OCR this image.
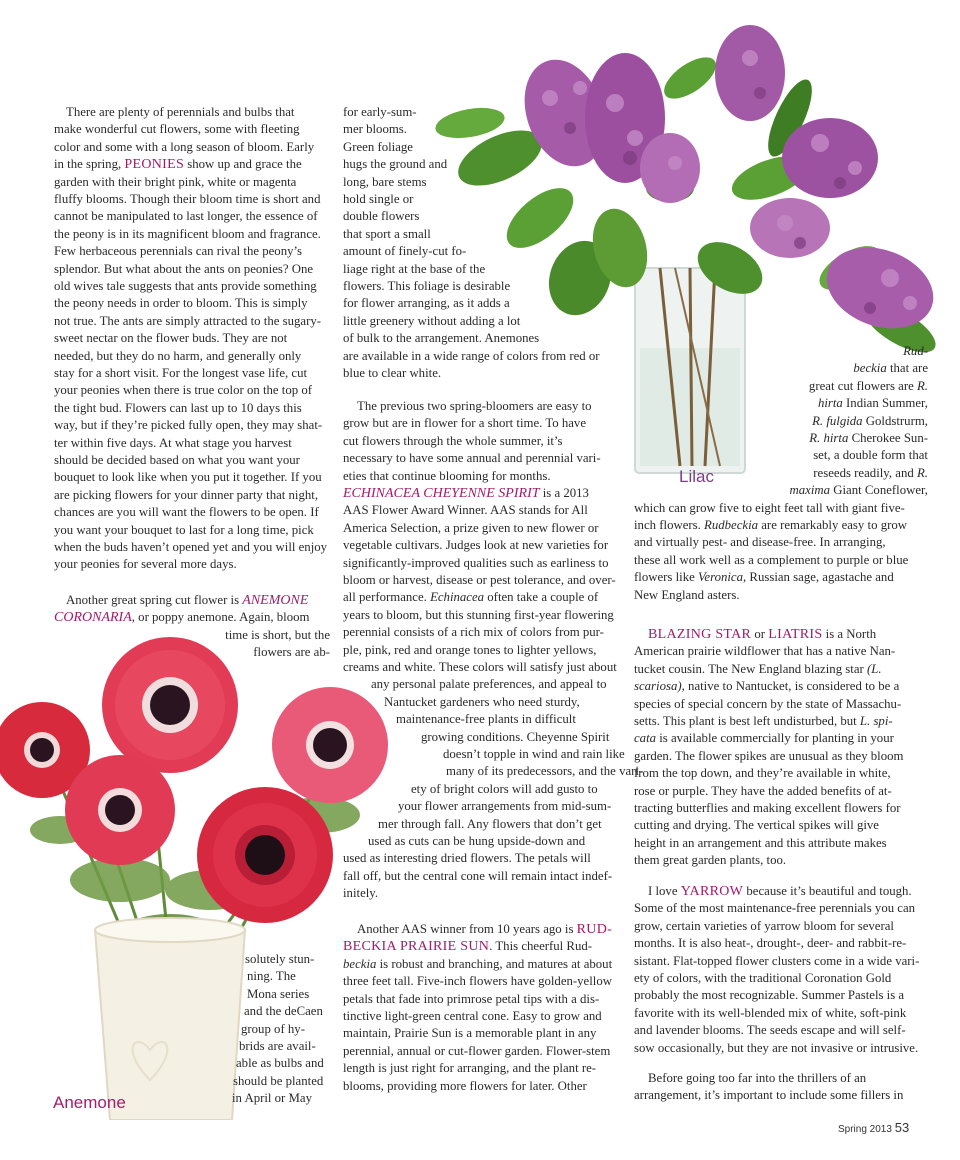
Lilac
Anemone
There are plenty of perennials and bulbs that
make wonderful cut flowers, some with fleeting
color and some with a long season of bloom. Early
in the spring, PEONIES show up and grace the
garden with their bright pink, white or magenta
fluffy blooms. Though their bloom time is short and
cannot be manipulated to last longer, the essence of
the peony is in its magnificent bloom and fragrance.
Few herbaceous perennials can rival the peony’s
splendor. But what about the ants on peonies? One
old wives tale suggests that ants provide something
the peony needs in order to bloom. This is simply
not true. The ants are simply attracted to the sugary-
sweet nectar on the flower buds. They are not
needed, but they do no harm, and generally only
stay for a short visit. For the longest vase life, cut
your peonies when there is true color on the top of
the tight bud. Flowers can last up to 10 days this
way, but if they’re picked fully open, they may shat-
ter within five days. At what stage you harvest
should be decided based on what you want your
bouquet to look like when you put it together. If you
are picking flowers for your dinner party that night,
chances are you will want the flowers to be open. If
you want your bouquet to last for a long time, pick
when the buds haven’t opened yet and you will enjoy
your peonies for several more days.
Another great spring cut flower is ANEMONE
CORONARIA, or poppy anemone. Again, bloom
time is short, but the
flowers are ab-
solutely stun-
ning. The
Mona series
and the deCaen
group of hy-
brids are avail-
able as bulbs and
should be planted
in April or May
for early-sum-
mer blooms.
Green foliage
hugs the ground and
long, bare stems
hold single or
double flowers
that sport a small
amount of finely-cut fo-
liage right at the base of the
flowers. This foliage is desirable
for flower arranging, as it adds a
little greenery without adding a lot
of bulk to the arrangement. Anemones
are available in a wide range of colors from red or
blue to clear white.
The previous two spring-bloomers are easy to
grow but are in flower for a short time. To have
cut flowers through the whole summer, it’s
necessary to have some annual and perennial vari-
eties that continue blooming for months.
ECHINACEA CHEYENNE SPIRIT is a 2013
AAS Flower Award Winner. AAS stands for All
America Selection, a prize given to new flower or
vegetable cultivars. Judges look at new varieties for
significantly-improved qualities such as earliness to
bloom or harvest, disease or pest tolerance, and over-
all performance. Echinacea often take a couple of
years to bloom, but this stunning first-year flowering
perennial consists of a rich mix of colors from pur-
ple, pink, red and orange tones to lighter yellows,
creams and white. These colors will satisfy just about
any personal palate preferences, and appeal to
Nantucket gardeners who need sturdy,
maintenance-free plants in difficult
growing conditions. Cheyenne Spirit
doesn’t topple in wind and rain like
many of its predecessors, and the vari-
ety of bright colors will add gusto to
your flower arrangements from mid-sum-
mer through fall. Any flowers that don’t get
used as cuts can be hung upside-down and
used as interesting dried flowers. The petals will
fall off, but the central cone will remain intact indef-
initely.
Another AAS winner from 10 years ago is RUD-
BECKIA PRAIRIE SUN. This cheerful Rud-
beckia is robust and branching, and matures at about
three feet tall. Five-inch flowers have golden-yellow
petals that fade into primrose petal tips with a dis-
tinctive light-green central cone. Easy to grow and
maintain, Prairie Sun is a memorable plant in any
perennial, annual or cut-flower garden. Flower-stem
length is just right for arranging, and the plant re-
blooms, providing more flowers for later. Other
Rud-
beckia that are
great cut flowers are R.
hirta Indian Summer,
R. fulgida Goldstrurm,
R. hirta Cherokee Sun-
set, a double form that
reseeds readily, and R.
maxima Giant Coneflower,
which can grow five to eight feet tall with giant five-
inch flowers. Rudbeckia are remarkably easy to grow
and virtually pest- and disease-free. In arranging,
these all work well as a complement to purple or blue
flowers like Veronica, Russian sage, agastache and
New England asters.
BLAZING STAR or LIATRIS is a North
American prairie wildflower that has a native Nan-
tucket cousin. The New England blazing star (L.
scariosa), native to Nantucket, is considered to be a
species of special concern by the state of Massachu-
setts. This plant is best left undisturbed, but L. spi-
cata is available commercially for planting in your
garden. The flower spikes are unusual as they bloom
from the top down, and they’re available in white,
rose or purple. They have the added benefits of at-
tracting butterflies and making excellent flowers for
cutting and drying. The vertical spikes will give
height in an arrangement and this attribute makes
them great garden plants, too.
I love YARROW because it’s beautiful and tough.
Some of the most maintenance-free perennials you can
grow, certain varieties of yarrow bloom for several
months. It is also heat-, drought-, deer- and rabbit-re-
sistant. Flat-topped flower clusters come in a wide vari-
ety of colors, with the traditional Coronation Gold
probably the most recognizable. Summer Pastels is a
favorite with its well-blended mix of white, soft-pink
and lavender blooms. The seeds escape and will self-
sow occasionally, but they are not invasive or intrusive.
Before going too far into the thrillers of an
arrangement, it’s important to include some fillers in
Spring 2013 53
